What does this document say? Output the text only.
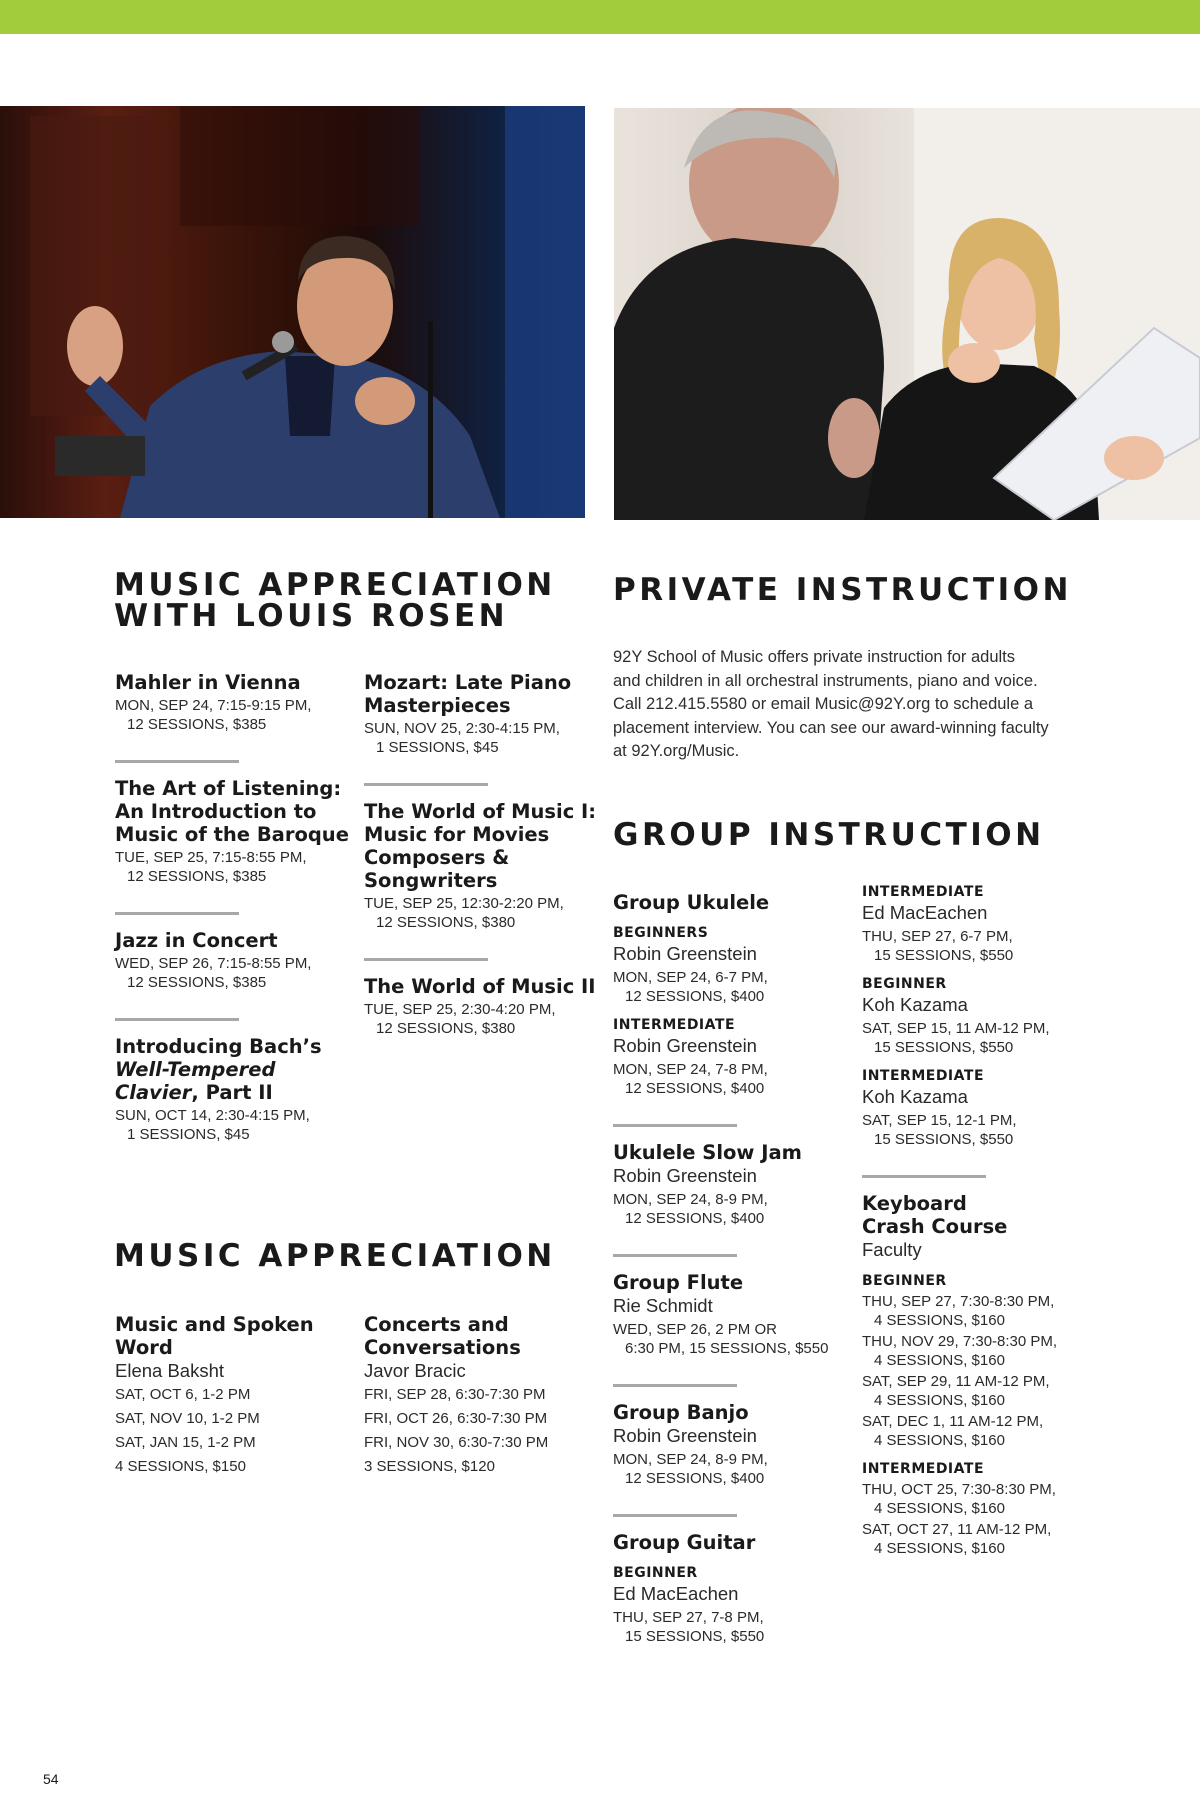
MUSIC APPRECIATION
WITH LOUIS ROSEN
Mahler in Vienna
MON, SEP 24, 7:15-9:15 PM,
12 SESSIONS, $385
The Art of Listening:
An Introduction to
Music of the Baroque
TUE, SEP 25, 7:15-8:55 PM,
12 SESSIONS, $385
Jazz in Concert
WED, SEP 26, 7:15-8:55 PM,
12 SESSIONS, $385
Introducing Bach’s
Well-Tempered
Clavier, Part II
SUN, OCT 14, 2:30-4:15 PM,
1 SESSIONS, $45
Mozart: Late Piano
Masterpieces
SUN, NOV 25, 2:30-4:15 PM,
1 SESSIONS, $45
The World of Music I:
Music for Movies
Composers &
Songwriters
TUE, SEP 25, 12:30-2:20 PM,
12 SESSIONS, $380
The World of Music II
TUE, SEP 25, 2:30-4:20 PM,
12 SESSIONS, $380
MUSIC APPRECIATION
Music and Spoken
Word
Elena Baksht
SAT, OCT 6, 1-2 PM
SAT, NOV 10, 1-2 PM
SAT, JAN 15, 1-2 PM
4 SESSIONS, $150
Concerts and
Conversations
Javor Bracic
FRI, SEP 28, 6:30-7:30 PM
FRI, OCT 26, 6:30-7:30 PM
FRI, NOV 30, 6:30-7:30 PM
3 SESSIONS, $120
PRIVATE INSTRUCTION
92Y School of Music offers private instruction for adults
and children in all orchestral instruments, piano and voice.
Call 212.415.5580 or email Music@92Y.org to schedule a
placement interview. You can see our award-winning faculty
at 92Y.org/Music.
GROUP INSTRUCTION
Group Ukulele
BEGINNERS
Robin Greenstein
MON, SEP 24, 6-7 PM,
12 SESSIONS, $400
INTERMEDIATE
Robin Greenstein
MON, SEP 24, 7-8 PM,
12 SESSIONS, $400
Ukulele Slow Jam
Robin Greenstein
MON, SEP 24, 8-9 PM,
12 SESSIONS, $400
Group Flute
Rie Schmidt
WED, SEP 26, 2 PM OR
6:30 PM, 15 SESSIONS, $550
Group Banjo
Robin Greenstein
MON, SEP 24, 8-9 PM,
12 SESSIONS, $400
Group Guitar
BEGINNER
Ed MacEachen
THU, SEP 27, 7-8 PM,
15 SESSIONS, $550
INTERMEDIATE
Ed MacEachen
THU, SEP 27, 6-7 PM,
15 SESSIONS, $550
BEGINNER
Koh Kazama
SAT, SEP 15, 11 AM-12 PM,
15 SESSIONS, $550
INTERMEDIATE
Koh Kazama
SAT, SEP 15, 12-1 PM,
15 SESSIONS, $550
Keyboard
Crash Course
Faculty
BEGINNER
THU, SEP 27, 7:30-8:30 PM,
4 SESSIONS, $160
THU, NOV 29, 7:30-8:30 PM,
4 SESSIONS, $160
SAT, SEP 29, 11 AM-12 PM,
4 SESSIONS, $160
SAT, DEC 1, 11 AM-12 PM,
4 SESSIONS, $160
INTERMEDIATE
THU, OCT 25, 7:30-8:30 PM,
4 SESSIONS, $160
SAT, OCT 27, 11 AM-12 PM,
4 SESSIONS, $160
54
